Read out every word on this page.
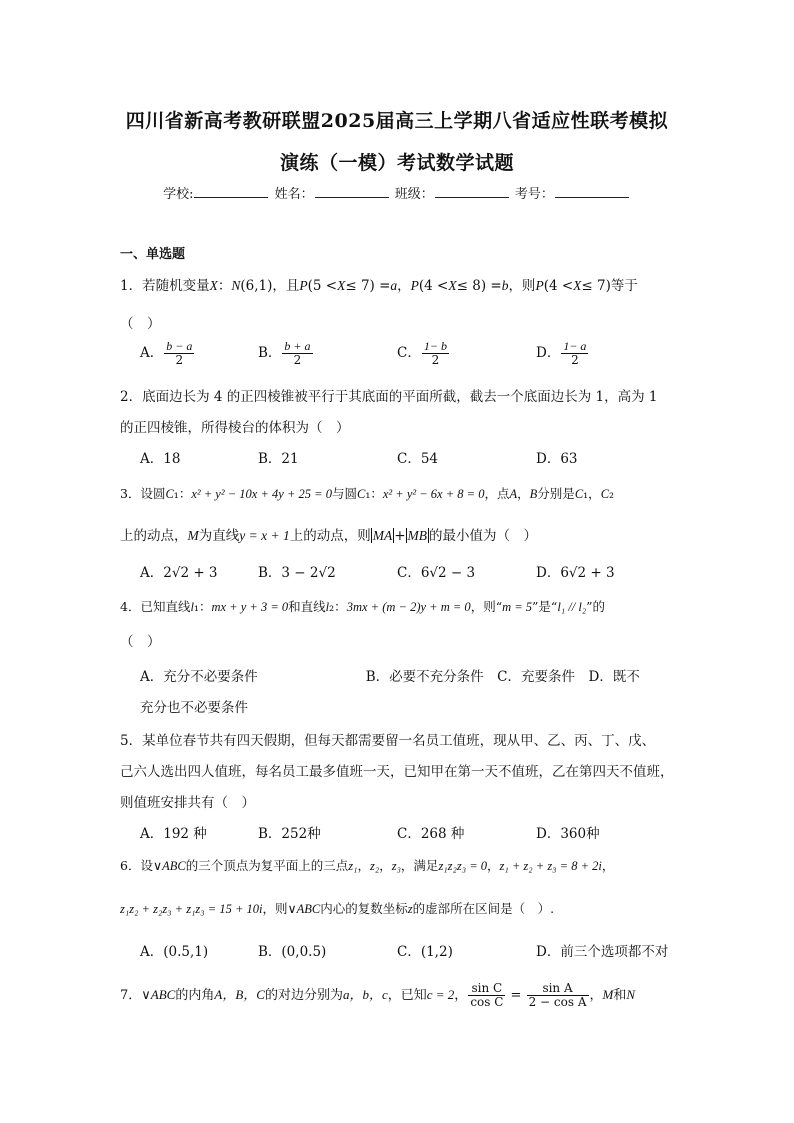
四川省新高考教研联盟2025届高三上学期八省适应性联考模拟
演练（一模）考试数学试题
学校:	姓名：	班级：	考号：
一、单选题
1．若随机变量X：N(6,1)，且P(5 <X≤ 7) =a，P(4 <X≤ 8) =b，则P(4 <X≤ 7)等于
（　）
A． $\frac{b - a}{2}$	B． $\frac{b + a}{2}$	C． $\frac{1- b}{2}$	D． $\frac{1- a}{2}$
2．底面边长为 4 的正四棱锥被平行于其底面的平面所截，截去一个底面边长为 1，高为 1
的正四棱锥，所得棱台的体积为（　）
A．18	B．21	C．54	D．63
3．设圆C₁：x² + y² − 10x + 4y + 25 = 0与圆C₁：x² + y² − 6x + 8 = 0，点A，B分别是C₁，C₂
上的动点，M为直线y = x + 1上的动点，则 MA + MB 的最小值为（　）
A．2√2 + 3	B．3 − 2√2	C．6√2 − 3	D．6√2 + 3
4．已知直线l₁：mx + y + 3 = 0和直线l₂：3mx + (m − 2)y + m = 0，则“m = 5”是“l₁ // l₂”的
（　）
A．充分不必要条件　　　　　　　　B．必要不充分条件　C．充要条件　D．既不
充分也不必要条件
5．某单位春节共有四天假期，但每天都需要留一名员工值班，现从甲、乙、丙、丁、戊、
己六人选出四人值班，每名员工最多值班一天，已知甲在第一天不值班，乙在第四天不值班，
则值班安排共有（　）
A．192 种	B．252种	C．268 种	D．360种
6．设∨ABC的三个顶点为复平面上的三点z₁，z₂，z₃，满足z₁z₂z₃ = 0，z₁ + z₂ + z₃ = 8 + 2i，
z₁z₂ + z₂z₃ + z₁z₃ = 15 + 10i，则∨ABC内心的复数坐标z的虚部所在区间是（　）.
A．(0.5,1)	B．(0,0.5)	C．(1,2)	D．前三个选项都不对
7．∨ABC的内角A，B，C的对边分别为a，b，c，已知c = 2， $\frac{\text{sin C}}{\text{cos C}} = \frac{\text{sin A}}{\text{2 − cos A}}$ ，M和N
